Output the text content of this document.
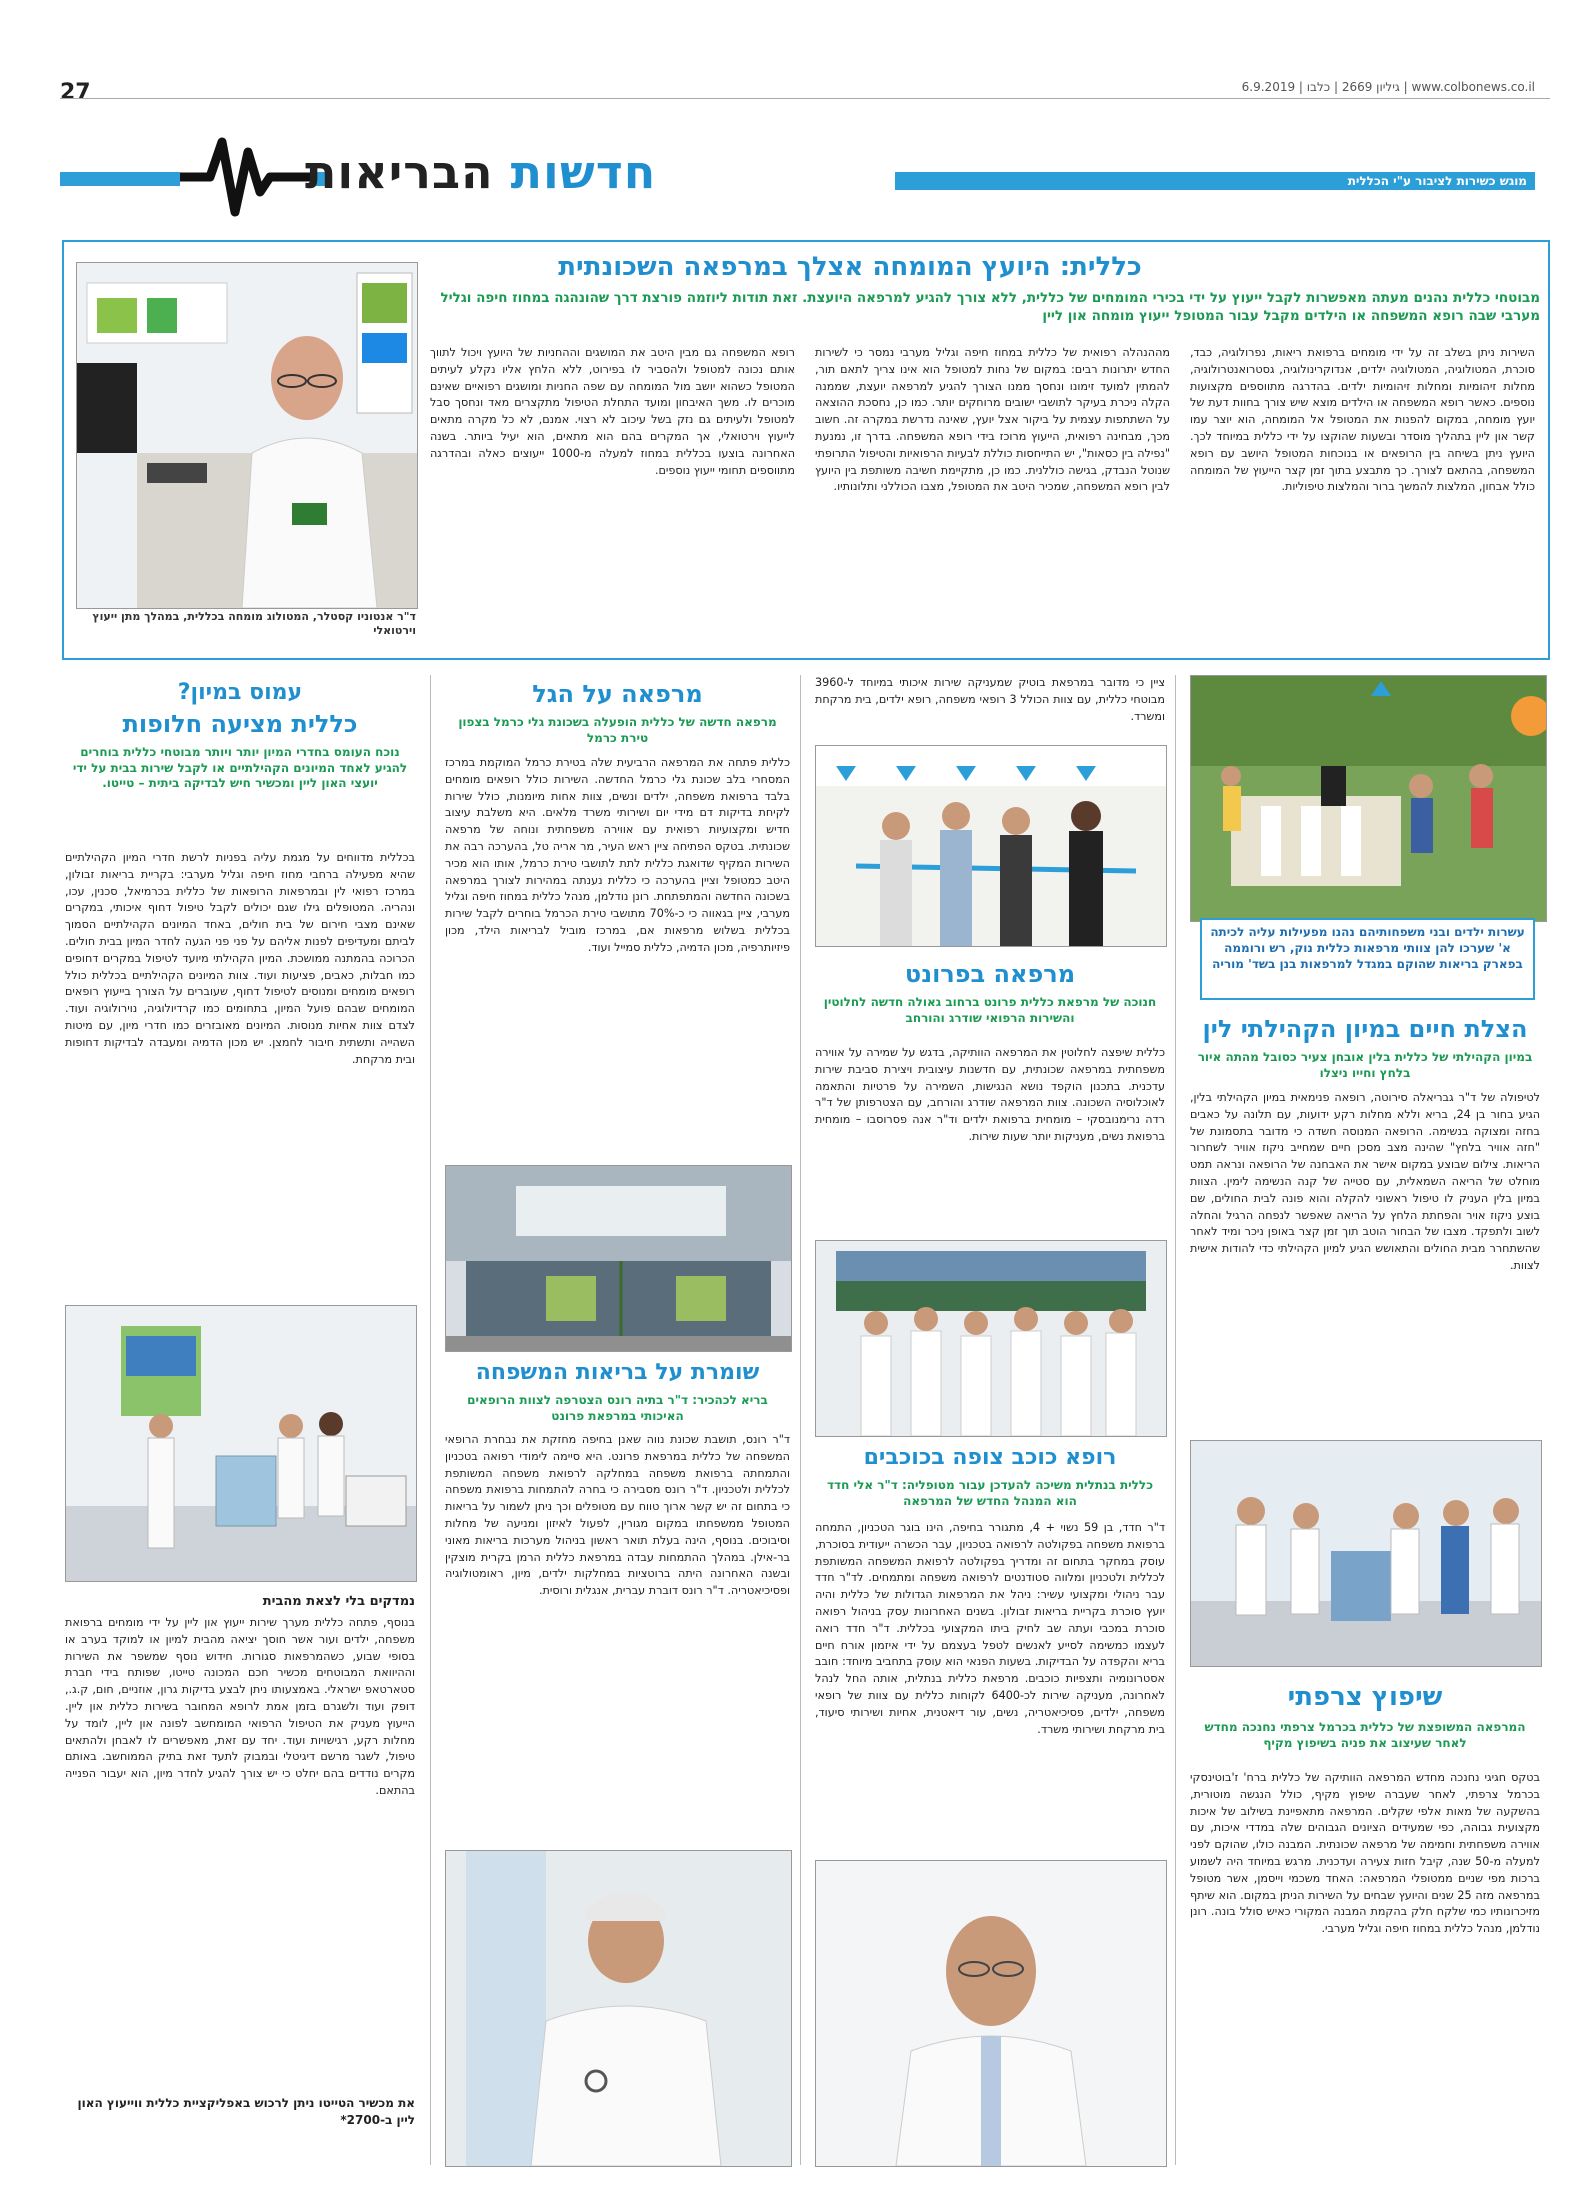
27	6.9.2019 | גיליון 2669 | כלבו | www.colbonews.co.il
מוגש כשירות לציבור ע"י הכללית
חדשות הבריאות
כללית: היועץ המומחה אצלך במרפאה השכונתית
מבוטחי כללית נהנים מעתה מאפשרות לקבל ייעוץ על ידי בכירי המומחים של כללית, ללא צורך להגיע למרפאה היועצת. זאת תודות ליוזמה פורצת דרך שהונהגה במחוז חיפה וגליל מערבי שבה רופא המשפחה או הילדים מקבל עבור המטופל ייעוץ מומחה און ליין
השירות ניתן בשלב זה על ידי מומחים ברפואת ריאות, נפרולוגיה, כבד, סוכרת, המטולוגיה, המטולוגיה ילדים, אנדוקרינולוגיה, גסטרואנטרולוגיה, מחלות זיהומיות ומחלות זיהומיות ילדים. בהדרגה מתווספים מקצועות נוספים. כאשר רופא המשפחה או הילדים מוצא שיש צורך בחוות דעת של יועץ מומחה, במקום להפנות את המטופל אל המומחה, הוא יוצר עמו קשר און ליין בתהליך מוסדר ובשעות שהוקצו על ידי כללית במיוחד לכך. היועץ ניתן בשיחה בין הרופאים או בנוכחות המטופל היושב עם רופא המשפחה, בהתאם לצורך. כך מתבצע בתוך זמן קצר הייעוץ של המומחה כולל אבחון, המלצות להמשך ברור והמלצות טיפוליות.
מההנהלה רפואית של כללית במחוז חיפה וגליל מערבי נמסר כי לשירות החדש יתרונות רבים: במקום של נחות למטופל הוא אינו צריך לתאם תור, להמתין למועד זימונו ונחסך ממנו הצורך להגיע למרפאה יועצת, שממנה הקלה ניכרת בעיקר לתושבי ישובים מרוחקים יותר. כמו כן, נחסכת ההוצאה על השתתפות עצמית על ביקור אצל יועץ, שאינה נדרשת במקרה זה. חשוב מכך, מבחינה רפואית, הייעוץ מרוכז בידי רופא המשפחה. בדרך זו, נמנעת "נפילה בין כסאות", יש התייחסות כוללת לבעיות הרפואיות והטיפול התרופתי שנוטל הנבדק, בגישה כוללנית. כמו כן, מתקיימת חשיבה משותפת בין היועץ לבין רופא המשפחה, שמכיר היטב את המטופל, מצבו הכוללני ותלונותיו.
רופא המשפחה גם מבין היטב את המושגים וההחניות של היועץ ויכול לתווך אותם נכונה למטופל ולהסביר לו בפירוט, ללא הלחץ אליו נקלע לעיתים המטופל כשהוא יושב מול המומחה עם שפה החניות ומושגים רפואיים שאינם מוכרים לו. משך האיבחון ומועד התחלת הטיפול מתקצרים מאד ונחסך סבל למטופל ולעיתים גם נזק בשל עיכוב לא רצוי. אמנם, לא כל מקרה מתאים לייעוץ וירטואלי, אך המקרים בהם הוא מתאים, הוא יעיל ביותר. בשנה האחרונה בוצעו בכללית במחוז למעלה מ-1000 ייעוצים כאלה ובהדרגה מתווספים תחומי ייעוץ נוספים.
ד"ר אנטוניו קסטלר, המטולוג מומחה בכללית, במהלך מתן ייעוץ וירטואלי
עשרות ילדים ובני משפחותיהם נהנו מפעילות עליה לכיתה א' שערכו להן צוותי מרפאות כללית נוק, רש ורוממה בפארק בריאות שהוקם במגדל למרפאות בנן בשד' מוריה
הצלת חיים במיון הקהילתי לין
במיון הקהילתי של כללית בלין אובחן צעיר כסובל מהתה איור בלחץ וחייו ניצלו
לטיפולה של ד"ר גבריאלה סירוטה, רופאה פנימאית במיון הקהילתי בלין, הגיע בחור בן 24, בריא וללא מחלות רקע ידועות, עם תלונה על כאבים בחזה ומצוקה בנשימה. הרופאה המנוסה חשדה כי מדובר בתסמונת של "חזה אוויר בלחץ" שהינה מצב מסכן חיים שמחייב ניקוז אוויר לשחרור הריאות. צילום שבוצע במקום אישר את האבחנה של הרופאה ונראה תמט מוחלט של הריאה השמאלית, עם סטייה של קנה הנשימה לימין. הצוות במיון בלין העניק לו טיפול ראשוני להקלה והוא פונה לבית החולים, שם בוצע ניקוז אויר והפחתת הלחץ על הריאה שאפשר לנפחה הרגיל והחלה לשוב ולתפקד. מצבו של הבחור הוטב תוך זמן קצר באופן ניכר ומיד לאחר שהשתחרר מבית החולים והתאושש הגיע למיון הקהילתי כדי להודות אישית לצוות.
שיפוץ צרפתי
המרפאה המשופצת של כללית בכרמל צרפתי נחנכה מחדש לאחר שעיצוב את פניה בשיפוץ מקיף
בטקס חגיגי נחנכה מחדש המרפאה הוותיקה של כללית ברח' ז'בוטינסקי בכרמל צרפתי, לאחר שעברה שיפוץ מקיף, כולל הנגשה מוטורית, בהשקעה של מאות אלפי שקלים. המרפאה מתאפיינת בשילוב של איכות מקצועית גבוהה, כפי שמעידים הציונים הגבוהים שלה במדדי איכות, עם אווירה משפחתית וחמימה של מרפאה שכונתית. המבנה כולו, שהוקם לפני למעלה מ-50 שנה, קיבל חזות צעירה ועדכנית. מרגש במיוחד היה לשמוע ברכות מפי שניים ממטופלי המרפאה: האחד משכמי וייסמן, אשר מטופל במרפאה מזה 25 שנים והיועץ שבחים על השירות הניתן במקום. הוא שיתף מזיכרונותיו כמי שלקח חלק בהקמת המבנה המקורי כאיש סולל בונה. רונן נודלמן, מנהל כללית במחוז חיפה וגליל מערבי.
ציין כי מדובר במרפאת בוטיק שמעניקה שירות איכותי במיוחד ל-3960 מבוטחי כללית, עם צוות הכולל 3 רופאי משפחה, רופא ילדים, בית מרקחת ומשרד.
מרפאה בפרונט
חנוכה של מרפאת כללית פרונט ברחוב גאולה חדשה לחלוטין והשירות הרפואי שודרג והורחב
כללית שיפצה לחלוטין את המרפאה הוותיקה, בדגש על שמירה על אווירה משפחתית במרפאה שכונתית, עם חדשנות עיצובית ויצירת סביבת שירות עדכנית. בתכנון הוקפד נושא הנגישות, השמירה על פרטיות והתאמה לאוכלוסיה השכונה. צוות המרפאה שודרג והורחב, עם הצטרפותן של ד"ר רדה נרימנובסקי – מומחית ברפואת ילדים וד"ר אנה פסרוסבו – מומחית ברפואת נשים, מעניקות יותר שעות שירות.
רופא כוכב צופה בכוכבים
כללית בנתלית משיכה להעדכן עבור מטופליה: ד"ר אלי חדד הוא המנהל החדש של המרפאה
ד"ר חדד, בן 59 נשוי + 4, מתגורר בחיפה, הינו בוגר הטכניון, התמחה ברפואת משפחה בפקולטה לרפואה בטכניון, עבר הכשרה ייעודית בסוכרת, עוסק במחקר בתחום זה ומדריך בפקולטה לרפואת המשפחה המשותפת לכללית ולטכניון ומלווה סטודנטים לרפואה משפחה ומתמחים. לד"ר חדד עבר ניהולי ומקצועי עשיר: ניהל את המרפאות הגדולות של כללית והיה יועץ סוכרת בקריית בריאות זבולון. בשנים האחרונות עסק בניהול רפואה סוכרת במכבי ועתה שב לחיק ביתו המקצועי בכללית. ד"ר חדד רואה לעצמו כמשימה לסייע לאנשים לטפל בעצמם על ידי איזמון אורח חיים בריא והקפדה על הבדיקות. בשעות הפנאי הוא עוסק בתחביב מיוחד: חובב אסטרונומיה ותצפיות כוכבים. מרפאת כללית בנתלית, אותה החל לנהל לאחרונה, מעניקה שירות לכ-6400 לקוחות כללית עם צוות של רופאי משפחה, ילדים, פסיכיאטריה, נשים, עור דיאטנית, אחיות ושירותי סיעוד, בית מרקחת ושירותי משרד.
מרפאה על הגל
מרפאה חדשה של כללית הופעלה בשכונת גלי כרמל בצפון טירת כרמל
כללית פתחה את המרפאה הרביעית שלה בטירת כרמל המוקמת במרכז המסחרי בלב שכונת גלי כרמל החדשה. השירות כולל רופאים מומחים בלבד ברפואת משפחה, ילדים ונשים, צוות אחות מיומנות, כולל שירות לקיחת בדיקות דם מידי יום ושירותי משרד מלאים. היא משלבת עיצוב חדיש ומקצועיות רפואית עם אווירה משפחתית ונוחה של מרפאה שכונתית. בטקס הפתיחה ציין ראש העיר, מר אריה טל, בהערכה רבה את השירות המקיף שדואגת כללית לתת לתושבי טירת כרמל, אותו הוא מכיר היטב כמטופל וציין בהערכה כי כללית נענתה במהירות לצורך במרפאה בשכונה החדשה והמתפתחת. רונן נודלמן, מנהל כללית במחוז חיפה וגליל מערבי, ציין בגאווה כי כ-70% מתושבי טירת הכרמל בוחרים לקבל שירות בכללית בשלוש מרפאות אם, במרכז מוביל לבריאות הילד, מכון פיזיותרפיה, מכון הדמיה, כללית סמייל ועוד.
שומרת על בריאות המשפחה
בריא לכהכיר: ד"ר בתיה רונס הצטרפה לצוות הרופאים האיכותי במרפאת פרונט
ד"ר רונס, תושבת שכונת נווה שאנן בחיפה מחזקת את נבחרת הרופאי המשפחה של כללית במרפאת פרונט. היא סיימה לימודי רפואה בטכניון והתמחתה ברפואת משפחה במחלקה לרפואת משפחה המשותפת לכללית ולטכניון. ד"ר רונס מסבירה כי בחרה להתמחות ברפואת משפחה כי בתחום זה יש קשר ארוך טווח עם מטופלים וכך ניתן לשמור על בריאות המטופל ממשפחתו במקום מגורין, לפעול לאיזון ומניעה של מחלות וסיבוכים. בנוסף, הינה בעלת תואר ראשון בניהול מערכות בריאות מאוני בר-אילן. במהלך ההתמחות עבדה במרפאת כללית הרמן בקרית מוצקין ובשנה האחרונה היתה ברוטציות במחלקות ילדים, מיון, ראומטולוגיה ופסיכיאטריה. ד"ר רונס דוברת עברית, אנגלית ורוסית.
עמוס במיון?
כללית מציעה חלופות
נוכח העומס בחדרי המיון יותר ויותר מבוטחי כללית בוחרים להגיע לאחד המיונים הקהילתיים או לקבל שירות בבית על ידי יועצי האון ליין ומכשיר חיש לבדיקה ביתית – טייטו.
בכללית מדווחים על מגמת עליה בפניות לרשת חדרי המיון הקהילתיים שהיא מפעילה ברחבי מחוז חיפה וגליל מערבי: בקריית בריאות זבולון, במרכז רפואי לין ובמרפאות הרופאות של כללית בכרמיאל, סכנין, עכו, ונהריה. המטופלים גילו שגם יכולים לקבל טיפול דחוף איכותי, במקרים שאינם מצבי חירום של בית חולים, באחד המיונים הקהילתיים הסמוך לביתם ומעדיפים לפנות אליהם על פני פני הגעה לחדר המיון בבית חולים. הכרוכה בהמתנה ממושכת. המיון הקהילתי מיועד לטיפול במקרים דחופים כמו חבלות, כאבים, פציעות ועוד. צוות המיונים הקהילתיים בכללית כולל רופאים מומחים ומנוסים לטיפול דחוף, שעוברים על הצורך בייעוץ רופאים המומחים שבהם פועל המיון, בתחומים כמו קרדיולוגיה, נוירולוגיה ועוד. לצדם צוות אחיות מנוסות. המיונים מאובזרים כמו חדרי מיון, עם מיטות השהייה ותשתית חיבור לחמצן. יש מכון הדמיה ומעבדה לבדיקות דחופות ובית מרקחת.
נמדקים בלי לצאת מהבית
בנוסף, פתחה כללית מערך שירות ייעוץ און ליין על ידי מומחים ברפואת משפחה, ילדים ועור אשר חוסך יציאה מהבית למיון או למוקד בערב או בסופי שבוע, כשהמרפאות סגורות. חידוש נוסף שמשפר את השירות וההיוואת המבוטחים מכשיר חכם המכונה טייטו, שפותח בידי חברת סטארטאפ ישראלי. באמצעותו ניתן לבצע בדיקות גרון, אוזניים, חום, ק.ג., דופק ועוד ולשגרם בזמן אמת לרופא המחובר בשירות כללית און ליין. הייעוץ מעניק את הטיפול הרפואי המומחשב לפונה און ליין, לומד על מחלות רקע, רגישויות ועוד. יחד עם זאת, מאפשרים לו לאבחן ולהתאים טיפול, לשגר מרשם דיגיטלי ובמבוק לתעד זאת בתיק הממוחשב. באותם מקרים נודדים בהם יחלט כי יש צורך להגיע לחדר מיון, הוא יעבור הפנייה בהתאם.
את מכשיר הטייטו ניתן לרכוש באפליקציית כללית ווייעוץ האון ליין ב-2700*
